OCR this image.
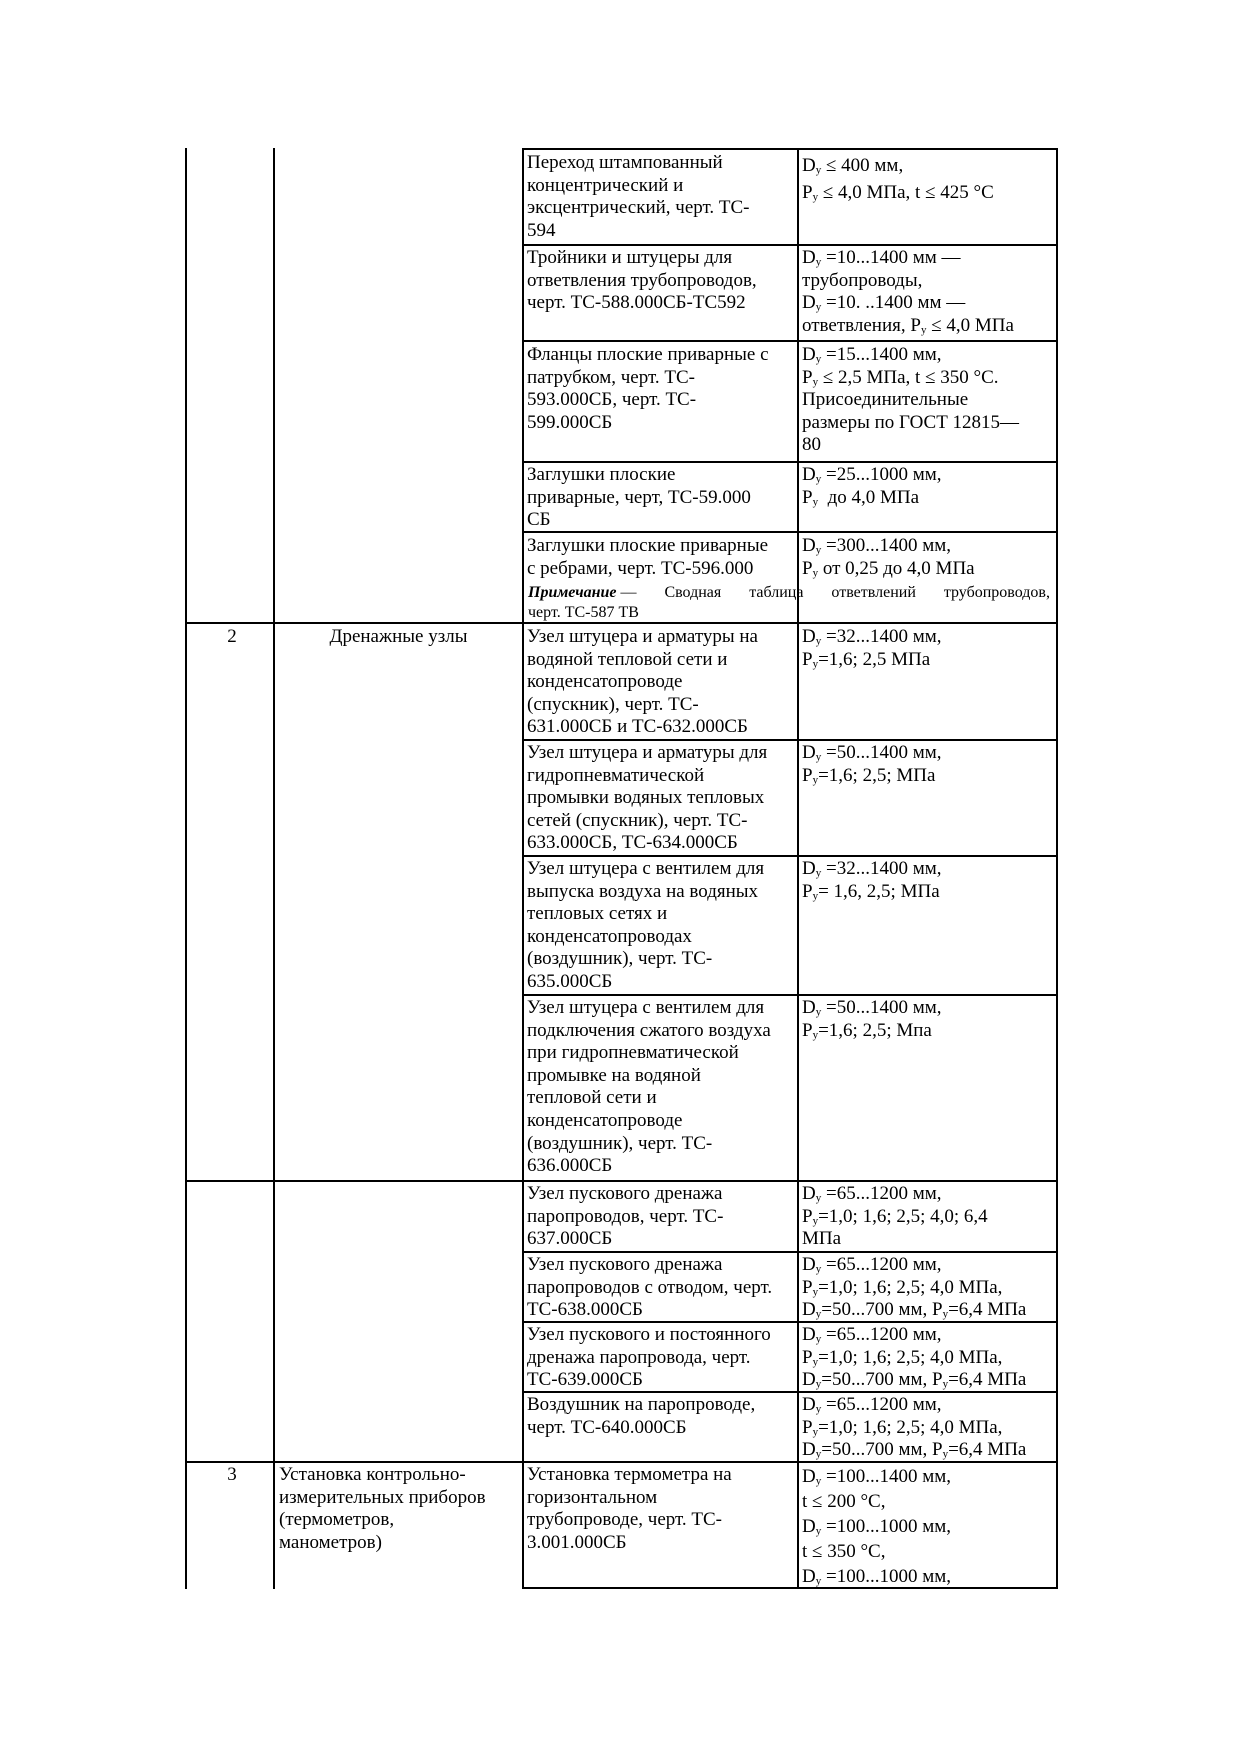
Переход штампованный
концентрический и
эксцентрический, черт. ТС-
594
Тройники и штуцеры для
ответвления трубопроводов,
черт. ТС-588.000СБ-ТС592
Фланцы плоские приварные с
патрубком, черт. ТС-
593.000СБ, черт. ТС-
599.000СБ
Заглушки плоские
приварные, черт, ТС-59.000
СБ
Заглушки плоские приварные
с ребрами, черт. ТС-596.000
Узел штуцера и арматуры на
водяной тепловой сети и
конденсатопроводе
(спускник), черт. ТС-
631.000СБ и ТС-632.000СБ
Узел штуцера и арматуры для
гидропневматической
промывки водяных тепловых
сетей (спускник), черт. ТС-
633.000СБ, ТС-634.000СБ
Узел штуцера с вентилем для
выпуска воздуха на водяных
тепловых сетях и
конденсатопроводах
(воздушник), черт. ТС-
635.000СБ
Узел штуцера с вентилем для
подключения сжатого воздуха
при гидропневматической
промывке на водяной
тепловой сети и
конденсатопроводе
(воздушник), черт. ТС-
636.000СБ
Узел пускового дренажа
паропроводов, черт. ТС-
637.000СБ
Узел пускового дренажа
паропроводов с отводом, черт.
ТС-638.000СБ
Узел пускового и постоянного
дренажа паропровода, черт.
ТС-639.000СБ
Воздушник на паропроводе,
черт. ТС-640.000СБ
Установка термометра на
горизонтальном
трубопроводе, черт. ТС-
3.001.000СБ
$D_у \le 400$ мм,
$P_у \le 4,0$ МПа, t ≤ 425 °С
$D_у =10...1400$ мм —
трубопроводы,
$D_у =10$. ..1400 мм —
ответвления, $P_у \le 4,0$ МПа
$D_у =15...1400$ мм,
$P_у \le 2,5$ МПа, t ≤ 350 °С.
Присоединительные
размеры по ГОСТ 12815—
80
$D_у =25...1000$ мм,
$P_у$  до 4,0 МПа
$D_у =300...1400$ мм,
$P_у$ от 0,25 до 4,0 МПа
$D_у =32...1400$ мм,
$P_у=1,6$; 2,5 МПа
$D_у =50...1400$ мм,
$P_у=1,6$; 2,5; МПа
$D_у =32...1400$ мм,
$P_у= 1,6$, 2,5; МПа
$D_у =50...1400$ мм,
$P_у=1,6$; 2,5; Мпа
$D_у =65...1200$ мм,
$P_у=1,0$; 1,6; 2,5; 4,0; 6,4
МПа
$D_у =65...1200$ мм,
$P_у=1,0$; 1,6; 2,5; 4,0 МПа,
$D_у=50...700$ мм, $P_у=6,4$ МПа
$D_у =65...1200$ мм,
$P_у=1,0$; 1,6; 2,5; 4,0 МПа,
$D_у=50...700$ мм, $P_у=6,4$ МПа
$D_у =65...1200$ мм,
$P_у=1,0$; 1,6; 2,5; 4,0 МПа,
$D_у=50...700$ мм, $P_у=6,4$ МПа
$D_у =100...1400$ мм,
t ≤ 200 °С,
$D_у =100...1000$ мм,
t ≤ 350 °С,
$D_у =100...1000$ мм,
2	Дренажные узлы
3	Установка контрольно-
измерительных приборов
(термометров,
манометров)
Примечание — Сводная таблица ответвлений трубопроводов,
черт. ТС-587 ТВ
